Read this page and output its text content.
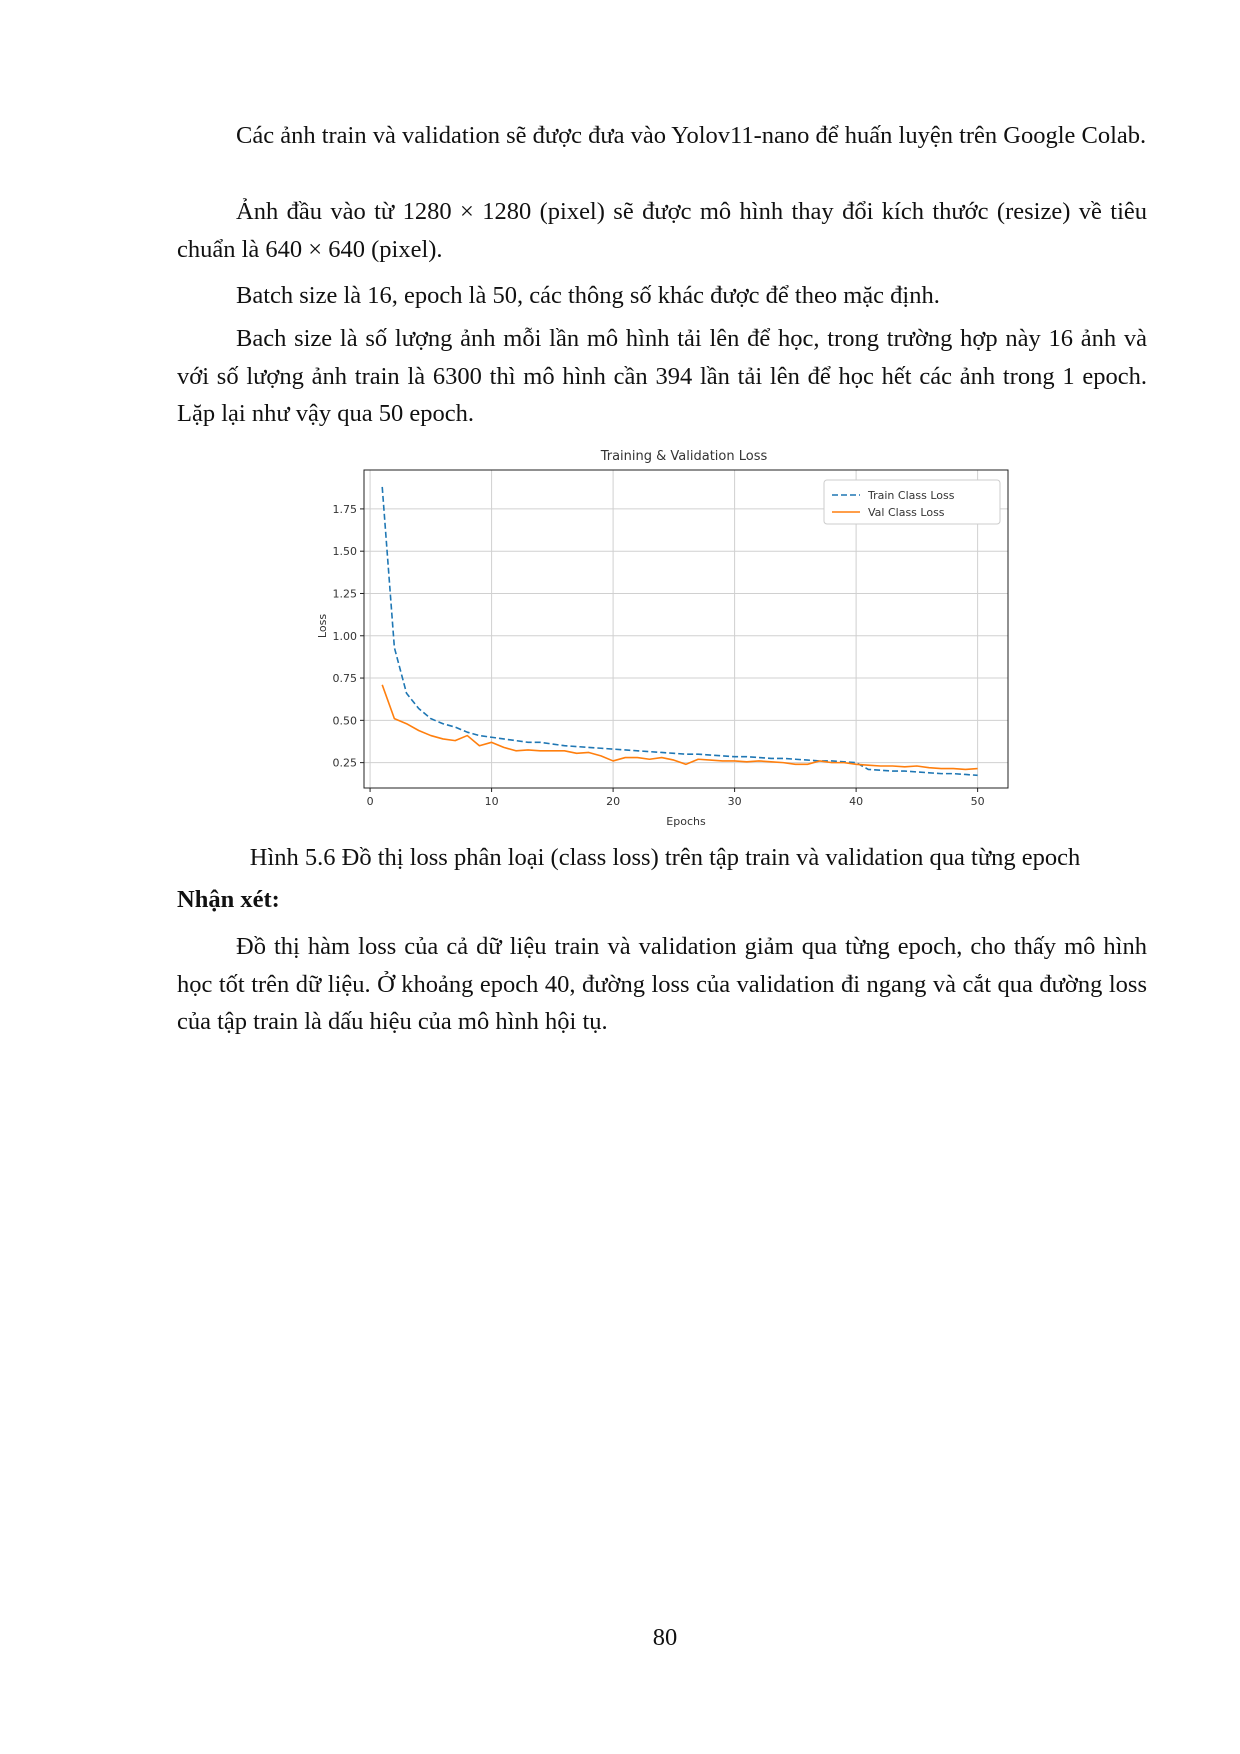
Các ảnh train và validation sẽ được đưa vào Yolov11-nano để huấn luyện trên Google Colab.

Ảnh đầu vào từ 1280 × 1280 (pixel) sẽ được mô hình thay đổi kích thước (resize) về tiêu chuẩn là 640 × 640 (pixel).

Batch size là 16, epoch là 50, các thông số khác được để theo mặc định.

Bach size là số lượng ảnh mỗi lần mô hình tải lên để học, trong trường hợp này 16 ảnh và với số lượng ảnh train là 6300 thì mô hình cần 394 lần tải lên để học hết các ảnh trong 1 epoch. Lặp lại như vậy qua 50 epoch.

Training & Validation Loss
0	10	20	30	40	50
0.25
0.50
0.75
1.00
1.25
1.50
1.75
Epochs
Loss
Train Class Loss
Val Class Loss

Hình 5.6 Đồ thị loss phân loại (class loss) trên tập train và validation qua từng epoch

Nhận xét:

Đồ thị hàm loss của cả dữ liệu train và validation giảm qua từng epoch, cho thấy mô hình học tốt trên dữ liệu. Ở khoảng epoch 40, đường loss của validation đi ngang và cắt qua đường loss của tập train là dấu hiệu của mô hình hội tụ.

80
